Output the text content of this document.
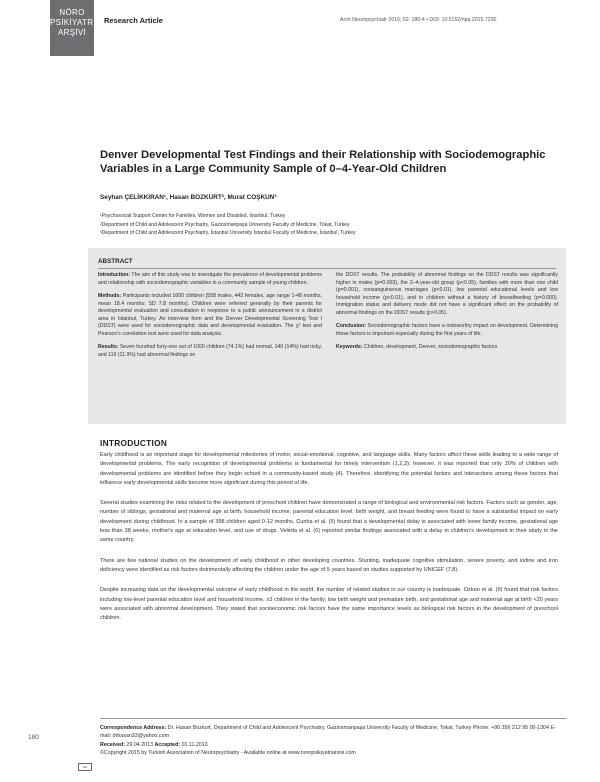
NÖRO
PSİKİYATRİ
ARŞİVİ
Research Article	Arch Neuropsychiatr 2015; 52: 180-4 • DOI: 10.5152/npa.2015.7230
Denver Developmental Test Findings and their Relationship with Sociodemographic Variables in a Large Community Sample of 0–4-Year-Old Children
Seyhan ÇELİKKIRAN¹, Hasan BOZKURT², Murat COŞKUN³
¹Psychosocial Support Center for Families, Women and Disabled, İstanbul, Turkey
²Department of Child and Adolescent Psychiatry, Gaziosmanpaşa University Faculty of Medicine, Tokat, Turkey
³Department of Child and Adolescent Psychiatry, İstanbul University İstanbul Faculty of Medicine, İstanbul, Turkey
ABSTRACT

Introduction: The aim of this study was to investigate the prevalence of developmental problems and relationship with sociodemographic variables in a community sample of young children.

Methods: Participants included 1000 children (558 males, 442 females, age range 1-48 months, mean 18.4 months; SD 7.8 months). Children were referred generally by their parents for developmental evaluation and consultation in response to a public announcement in a district area in Istanbul, Turkey. An interview form and the Denver Developmental Screening Test I (DDST) were used for sociodemographic data and developmental evaluation. The χ² test and Pearson's correlation test were used for data analysis.

Results: Seven hundred forty-one out of 1000 children (74.1%) had normal, 140 (14%) had risky, and 119 (11.9%) had abnormal findings on

the DDST results. The probability of abnormal findings on the DDST results was significantly higher in males (p=0.003), the 2–4-year-old group (p<0.05), families with more than one child (p=0.001), consanguineous marriages (p<0.01), low parental educational levels and low household income (p<0.01), and in children without a history of breastfeeding (p=0.000). Immigration status and delivery mode did not have a significant effect on the probability of abnormal findings on the DDST results (p>0.05).

Conclusion: Sociodemographic factors have a noteworthy impact on development. Determining these factors is important especially during the first years of life.

Keywords: Children, development, Denver, sociodemographic factors

INTRODUCTION

Early childhood is an important stage for developmental milestones of motor, social-emotional, cognitive, and language skills. Many factors affect these skills leading to a wide range of developmental problems. The early recognition of developmental problems is fundamental for timely intervention (1,2,3); however, it was reported that only 30% of children with developmental problems are identified before they begin school in a community-based study (4). Therefore, identifying the potential factors and interactions among these factors that influence early developmental skills become more significant during this period of life.

Several studies examining the risks related to the development of preschool children have demonstrated a range of biological and environmental risk factors. Factors such as gender, age, number of siblings, gestational and maternal age at birth, household income, parental education level, birth weight, and breast feeding were found to have a substantial impact on early development during childhood. In a sample of 398 children aged 0-12 months, Cunha et al. (5) found that a developmental delay is associated with lower family income, gestational age less than 38 weeks, mother's age at education level, and use of drugs. Veleda et al. (6) reported similar findings associated with a delay in children's development in their study in the same country.

There are few national studies on the development of early childhood in other developing countries. Stunting, inadequate cognitive stimulation, severe poverty, and iodine and iron deficiency were identified as risk factors detrimentally affecting the children under the age of 5 years based on studies supported by UNICEF (7,8).

Despite increasing data on the developmental outcome of early childhood in the world, the number of related studies in our country is inadequate. Ozkan et al. (9) found that risk factors including low-level parental education level and household income, ≥3 children in the family, low birth weight and premature birth, and gestational age and maternal age at birth <20 years were associated with abnormal development. They stated that socioeconomic risk factors have the same importance levels as biological risk factors in the development of preschool children.

180
Correspondence Address: Dr. Hasan Bozkurt, Department of Child and Adolescent Psychiatry, Gaziosmanpaşa University Faculty of Medicine, Tokat, Turkey Phone: +90 356 212 95 00-1304 E-mail: drhasan33@yahoo.com
Received: 29.04.2013 Accepted: 01.11.2013
©Copyright 2015 by Turkish Association of Neuropsychiatry - Available online at www.noropsikiyatriarsivi.com
cc
